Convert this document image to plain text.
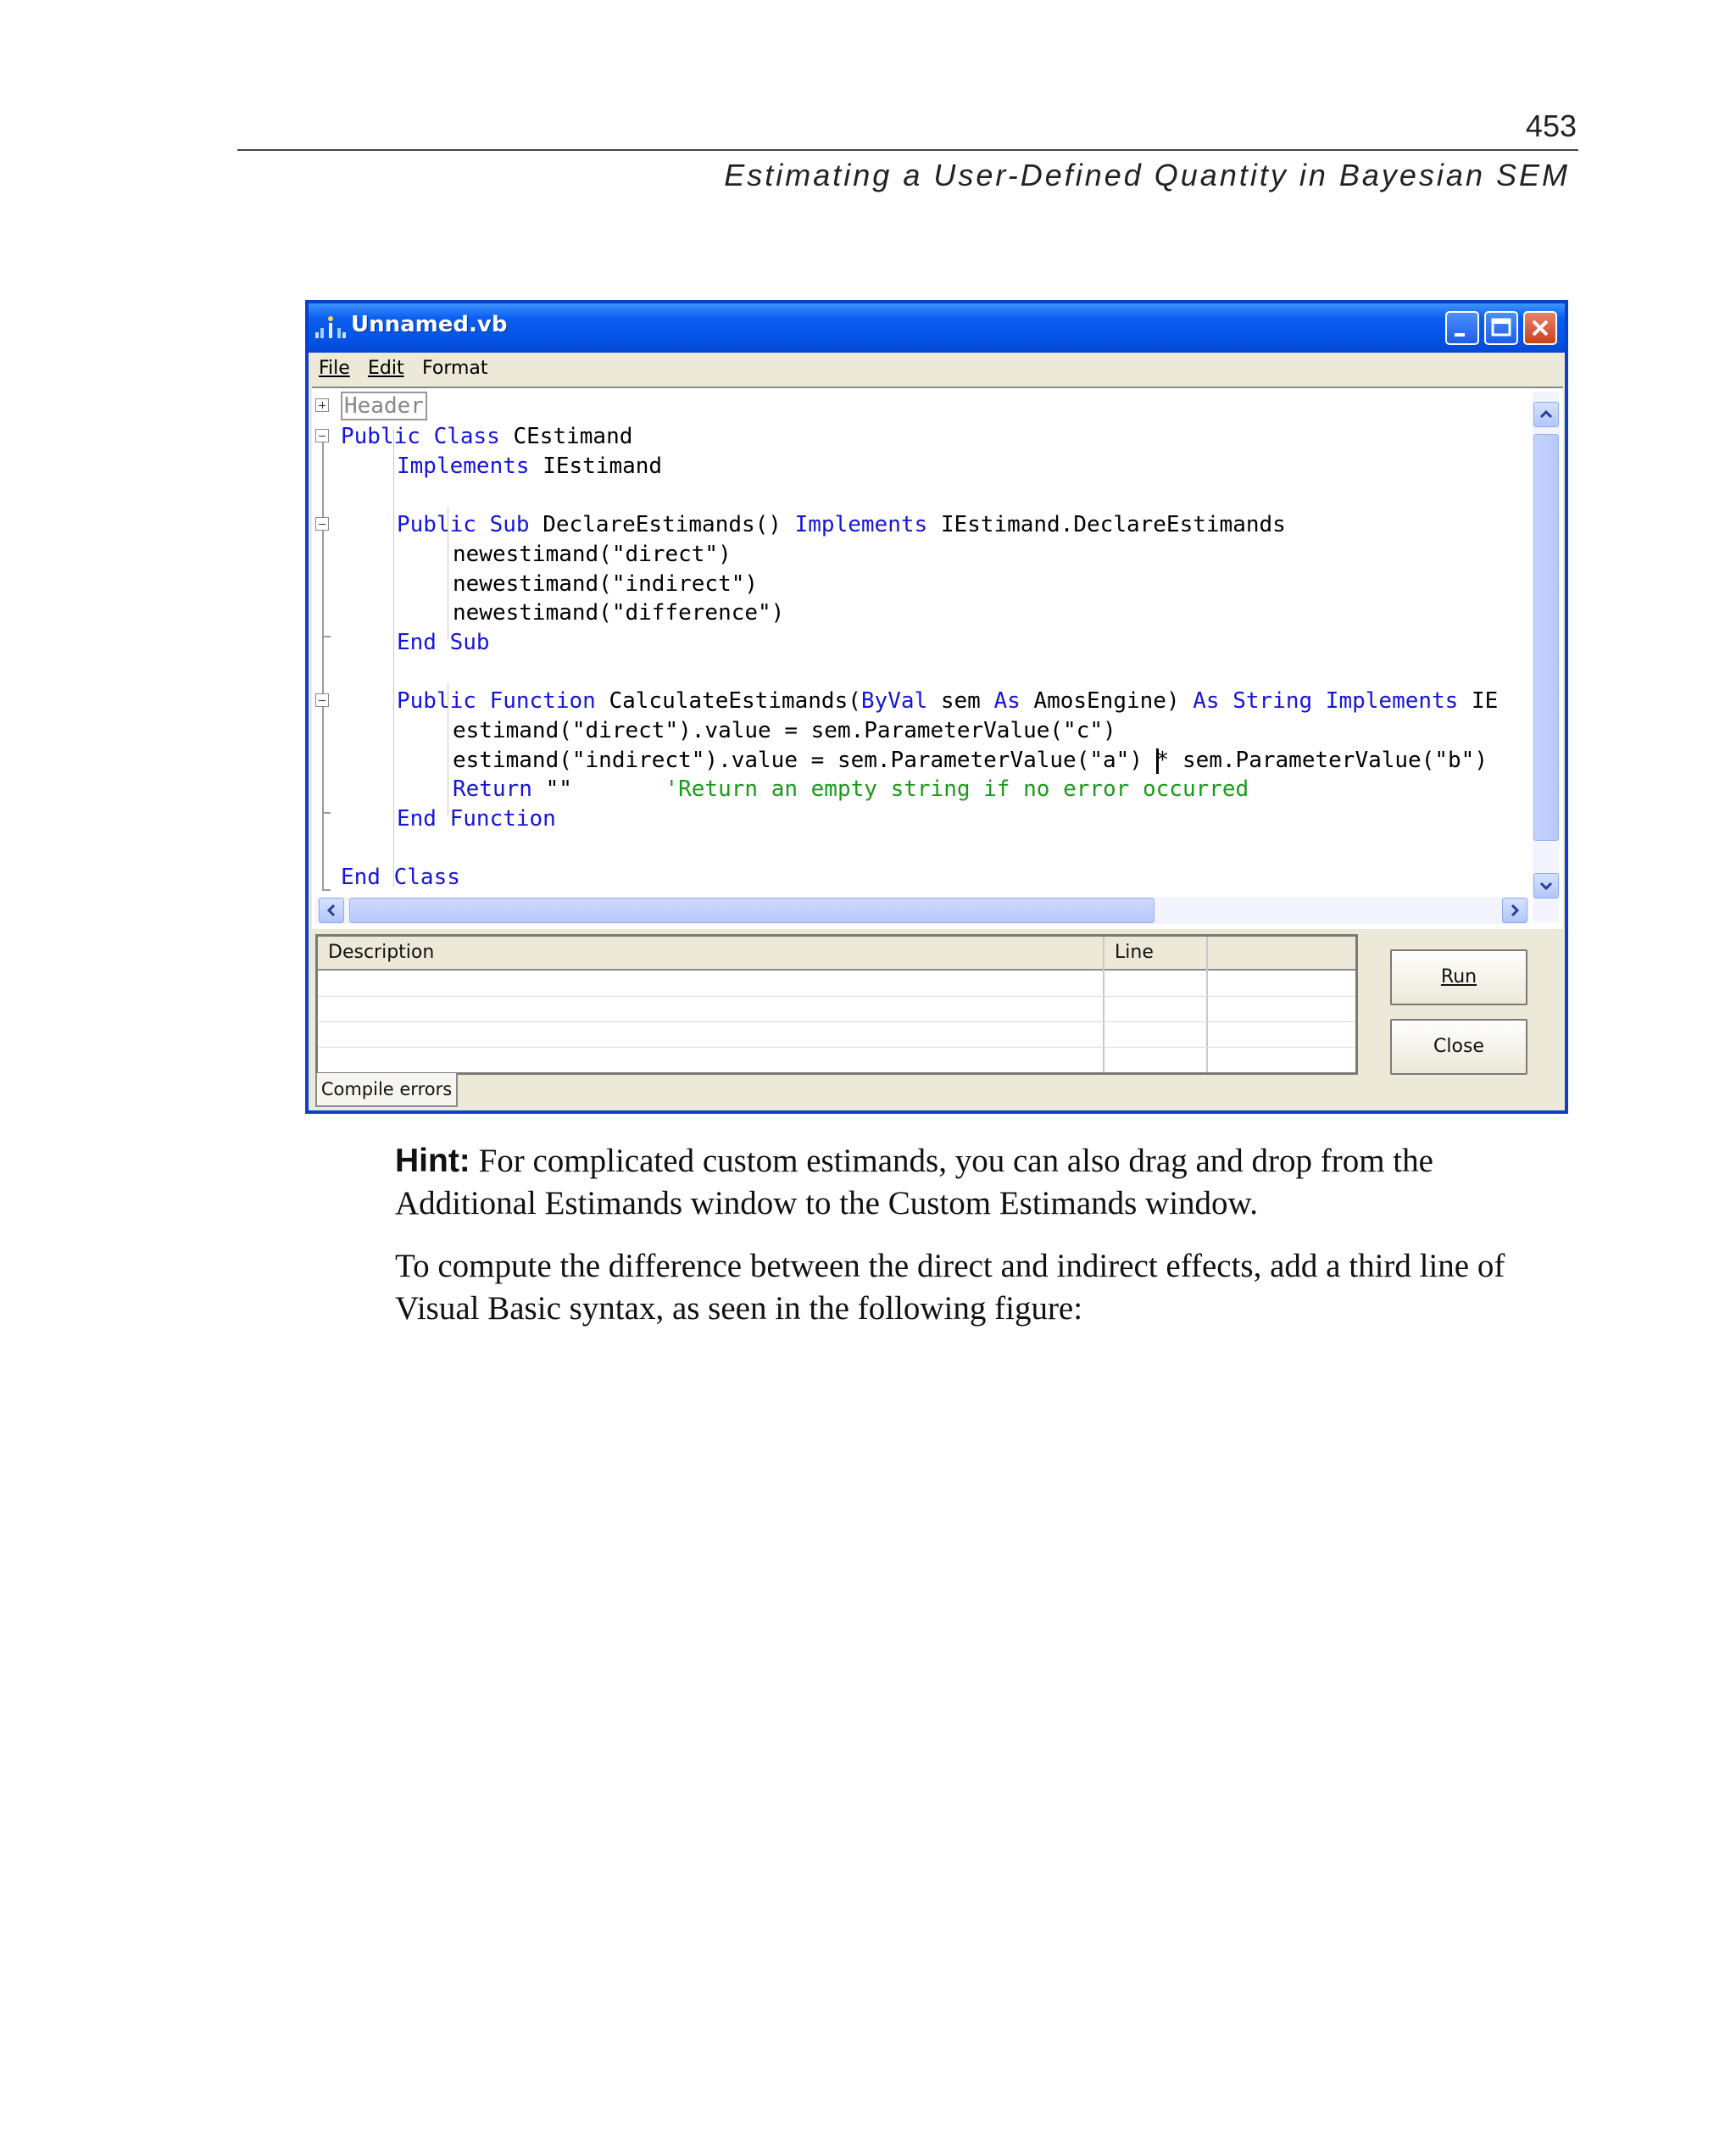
453
Estimating a User-Defined Quantity in Bayesian SEM
Unnamed.vb
File Edit Format
Header
Public Class CEstimand
Implements IEstimand
Public Sub DeclareEstimands() Implements IEstimand.DeclareEstimands
newestimand("direct")
newestimand("indirect")
newestimand("difference")
End Sub
Public Function CalculateEstimands(ByVal sem As AmosEngine) As String Implements IE
estimand("direct").value = sem.ParameterValue("c")
estimand("indirect").value = sem.ParameterValue("a") * sem.ParameterValue("b")
Return ""       'Return an empty string if no error occurred
End Function
End Class
Description	Line
Compile errors
Run
Close

Hint: For complicated custom estimands, you can also drag and drop from the Additional Estimands window to the Custom Estimands window.

To compute the difference between the direct and indirect effects, add a third line of Visual Basic syntax, as seen in the following figure:
